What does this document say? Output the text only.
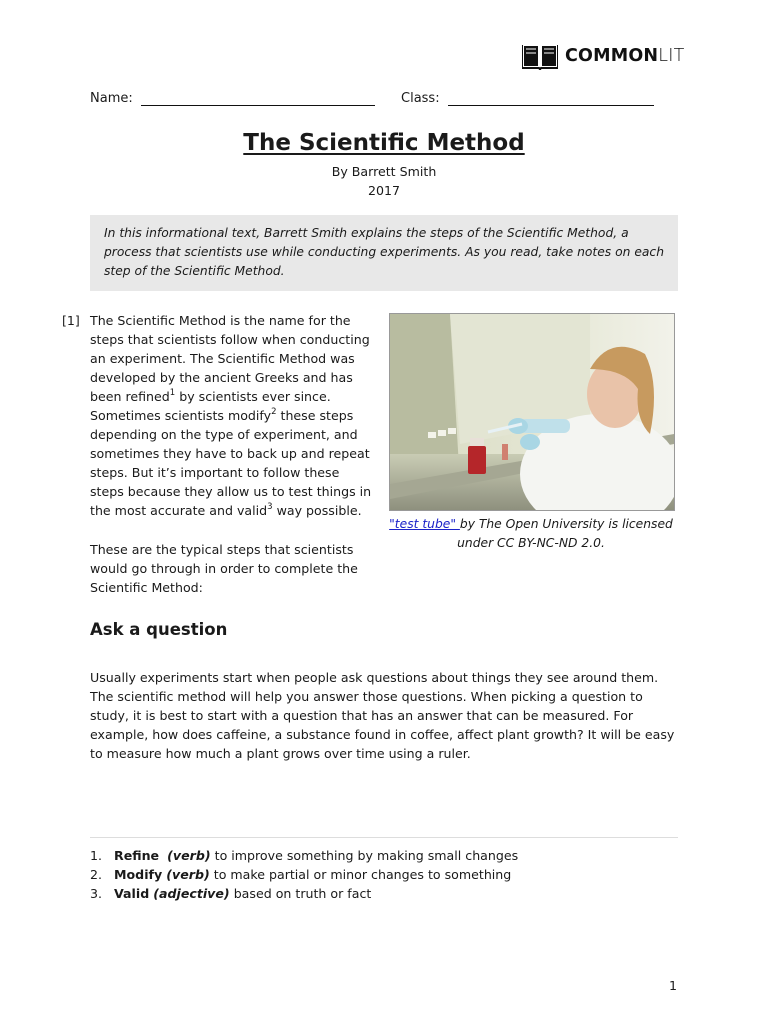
COMMONLIT
Name:	Class:
The Scientific Method
By Barrett Smith
2017
In this informational text, Barrett Smith explains the steps of the Scientific Method, a process that scientists use while conducting experiments. As you read, take notes on each step of the Scientific Method.
[1] The Scientific Method is the name for the steps that scientists follow when conducting an experiment. The Scientific Method was developed by the ancient Greeks and has been refined$^1$ by scientists ever since. Sometimes scientists modify$^2$ these steps depending on the type of experiment, and sometimes they have to back up and repeat steps. But it’s important to follow these steps because they allow us to test things in the most accurate and valid$^3$ way possible.
These are the typical steps that scientists would go through in order to complete the Scientific Method:
"test tube" by The Open University is licensed under CC BY-NC-ND 2.0.
Ask a question
Usually experiments start when people ask questions about things they see around them. The scientific method will help you answer those questions. When picking a question to study, it is best to start with a question that has an answer that can be measured. For example, how does caffeine, a substance found in coffee, affect plant growth? It will be easy to measure how much a plant grows over time using a ruler.
1. Refine
(verb)
to improve something by making small changes
2. Modify
(verb)
to make partial or minor changes to something
3. Valid
(adjective)
based on truth or fact
1
